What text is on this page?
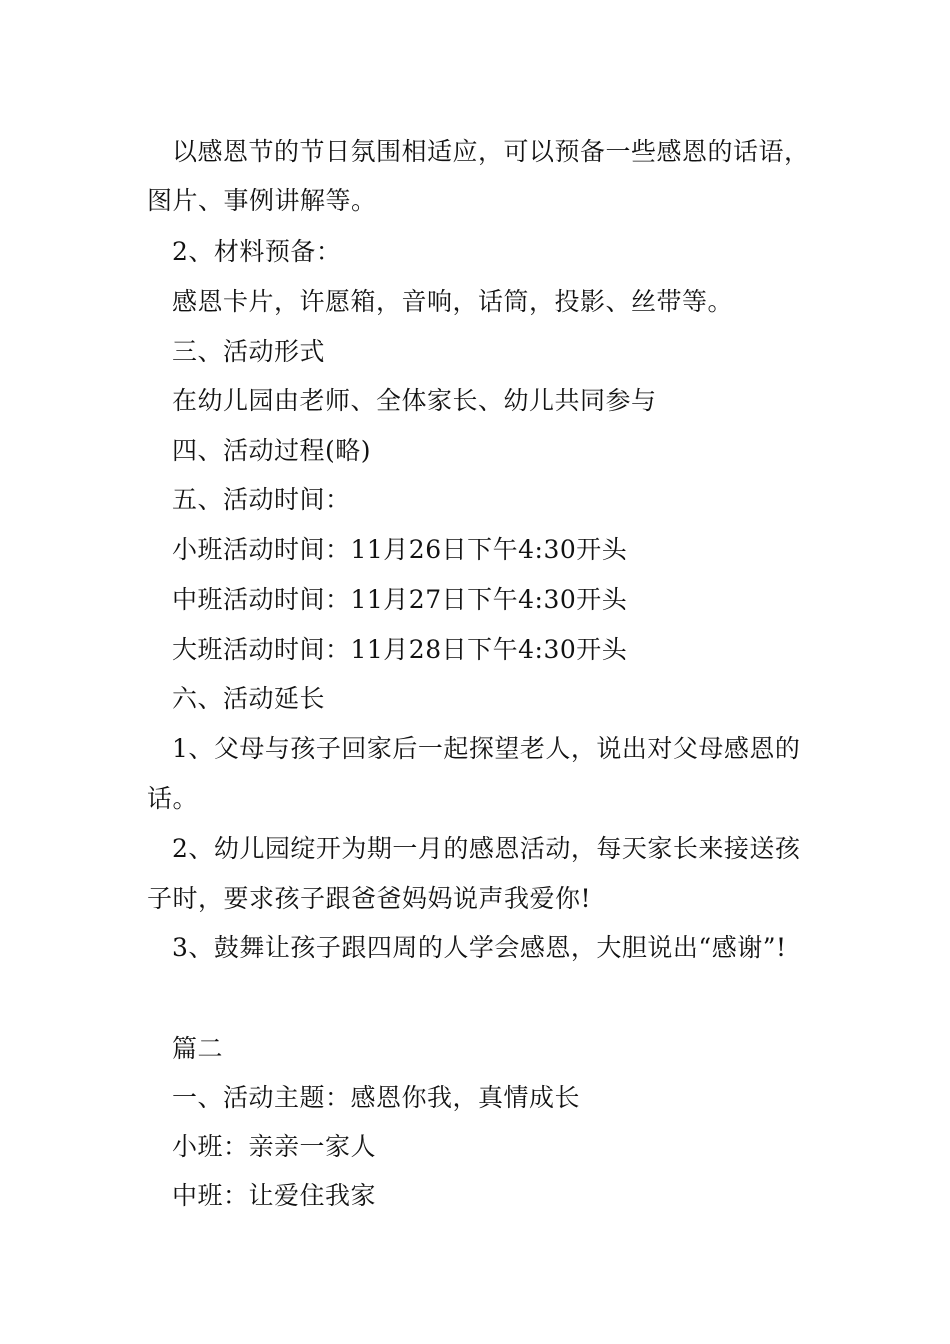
以感恩节的节日氛围相适应，可以预备一些感恩的话语，
图片、事例讲解等。
2、材料预备：
感恩卡片，许愿箱，音响，话筒，投影、丝带等。
三、活动形式
在幼儿园由老师、全体家长、幼儿共同参与
四、活动过程(略)
五、活动时间：
小班活动时间：11月26日下午4:30开头
中班活动时间：11月27日下午4:30开头
大班活动时间：11月28日下午4:30开头
六、活动延长
1、父母与孩子回家后一起探望老人，说出对父母感恩的
话。
2、幼儿园绽开为期一月的感恩活动，每天家长来接送孩
子时，要求孩子跟爸爸妈妈说声我爱你!
3、鼓舞让孩子跟四周的人学会感恩，大胆说出“感谢”!
篇二
一、活动主题：感恩你我，真情成长
小班：亲亲一家人
中班：让爱住我家
